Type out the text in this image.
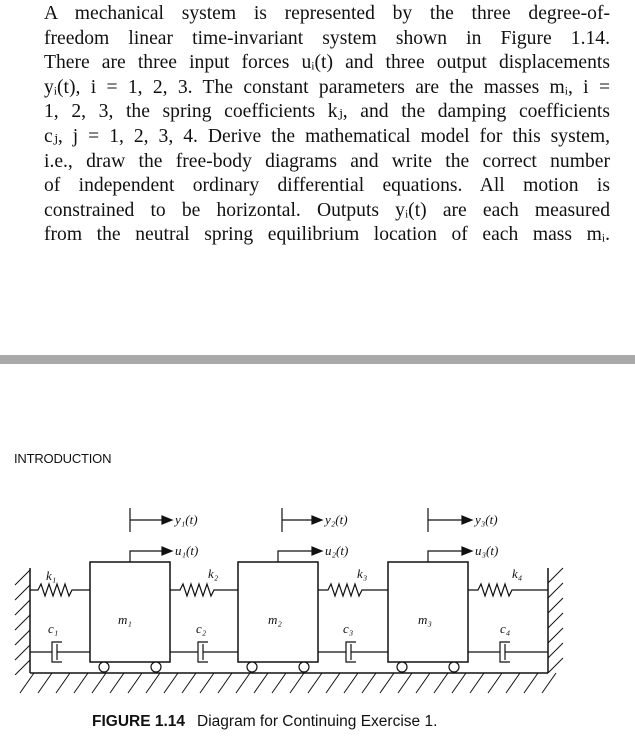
A mechanical system is represented by the three degree-of-
freedom linear time-invariant system shown in Figure 1.14.
There are three input forces uᵢ(t) and three output displacements
yᵢ(t), i = 1, 2, 3. The constant parameters are the masses mᵢ, i =
1, 2, 3, the spring coefficients kⱼ, and the damping coefficients
cⱼ, j = 1, 2, 3, 4. Derive the mathematical model for this system,
i.e., draw the free-body diagrams and write the correct number
of independent ordinary differential equations. All motion is
constrained to be horizontal. Outputs yᵢ(t) are each measured
from the neutral spring equilibrium location of each mass mᵢ.
INTRODUCTION
y₁(t)	y₂(t)	y₃(t)
u₁(t)	u₂(t)	u₃(t)
k₁	k₂	k₃	k₄
c₁	c₂	c₃	c₄
m₁	m₂	m₃
FIGURE 1.14 Diagram for Continuing Exercise 1.
